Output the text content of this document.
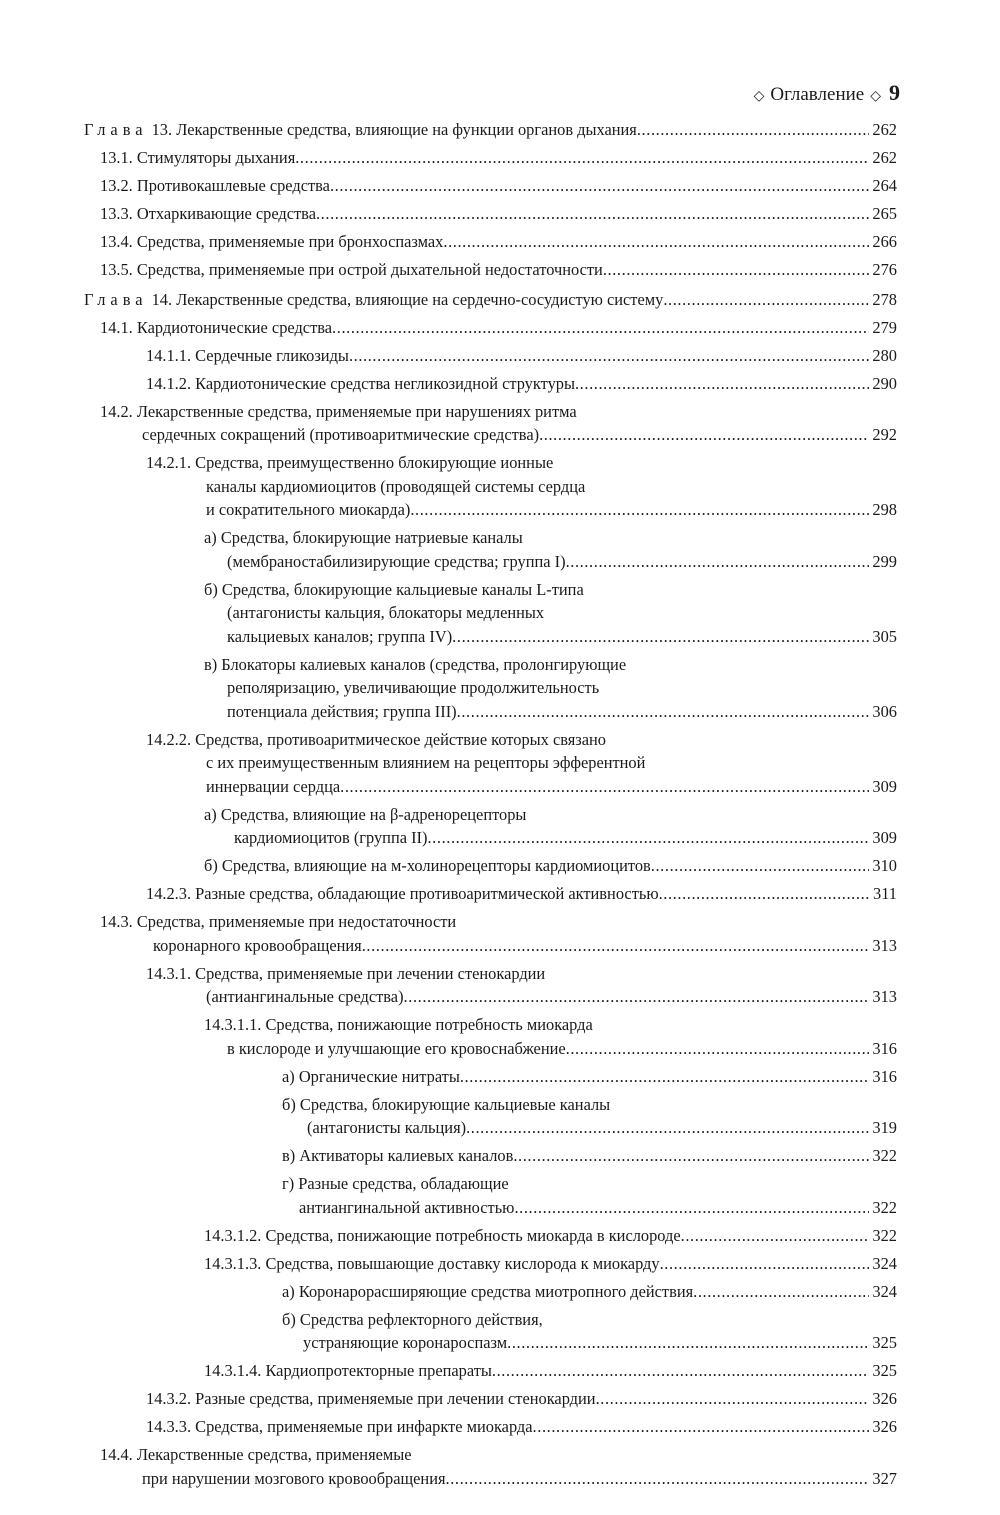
◇ Оглавление ◇ 9
Глава 13. Лекарственные средства, влияющие на функции органов дыхания .....	262
13.1. Стимуляторы дыхания .....	262
13.2. Противокашлевые средства .....	264
13.3. Отхаркивающие средства .....	265
13.4. Средства, применяемые при бронхоспазмах .....	266
13.5. Средства, применяемые при острой дыхательной недостаточности .....	276
Глава 14. Лекарственные средства, влияющие на сердечно-сосудистую систему .....	278
14.1. Кардиотонические средства .....	279
14.1.1. Сердечные гликозиды .....	280
14.1.2. Кардиотонические средства негликозидной структуры .....	290
14.2. Лекарственные средства, применяемые при нарушениях ритма
сердечных сокращений (противоаритмические средства) .....	292
14.2.1. Средства, преимущественно блокирующие ионные
каналы кардиомиоцитов (проводящей системы сердца
и сократительного миокарда) .....	298
а) Средства, блокирующие натриевые каналы
(мембраностабилизирующие средства; группа I) .....	299
б) Средства, блокирующие кальциевые каналы L-типа
(антагонисты кальция, блокаторы медленных
кальциевых каналов; группа IV) .....	305
в) Блокаторы калиевых каналов (средства, пролонгирующие
реполяризацию, увеличивающие продолжительность
потенциала действия; группа III) .....	306
14.2.2. Средства, противоаритмическое действие которых связано
с их преимущественным влиянием на рецепторы эфферентной
иннервации сердца .....	309
а) Средства, влияющие на β-адренорецепторы
кардиомиоцитов (группа II) .....	309
б) Средства, влияющие на м-холинорецепторы кардиомиоцитов .....	310
14.2.3. Разные средства, обладающие противоаритмической активностью .....	311
14.3. Средства, применяемые при недостаточности
коронарного кровообращения .....	313
14.3.1. Средства, применяемые при лечении стенокардии
(антиангинальные средства) .....	313
14.3.1.1. Средства, понижающие потребность миокарда
в кислороде и улучшающие его кровоснабжение .....	316
а) Органические нитраты .....	316
б) Средства, блокирующие кальциевые каналы
(антагонисты кальция) .....	319
в) Активаторы калиевых каналов .....	322
г) Разные средства, обладающие
антиангинальной активностью .....	322
14.3.1.2. Средства, понижающие потребность миокарда в кислороде .....	322
14.3.1.3. Средства, повышающие доставку кислорода к миокарду .....	324
а) Коронарорасширяющие средства миотропного действия .....	324
б) Средства рефлекторного действия,
устраняющие коронароспазм .....	325
14.3.1.4. Кардиопротекторные препараты .....	325
14.3.2. Разные средства, применяемые при лечении стенокардии .....	326
14.3.3. Средства, применяемые при инфаркте миокарда .....	326
14.4. Лекарственные средства, применяемые
при нарушении мозгового кровообращения .....	327
